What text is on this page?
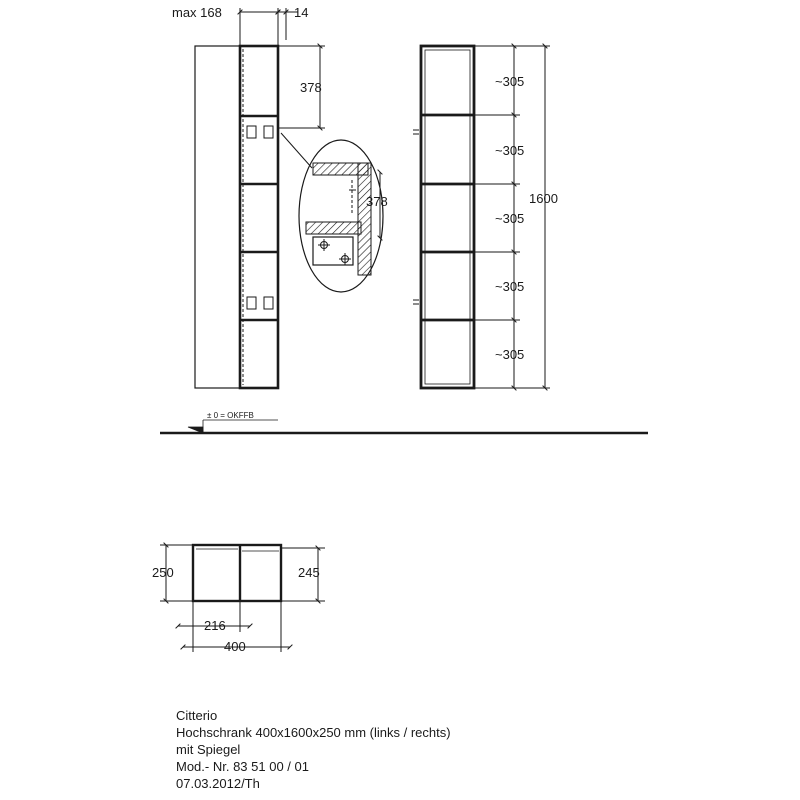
max 168	14
378
378
~305
~305
~305
~305
~305
1600
± 0 = OKFFB
250	245
216
400
Citterio
Hochschrank 400x1600x250 mm (links / rechts)
mit Spiegel
Mod.- Nr. 83 51 00 / 01
07.03.2012/Th
